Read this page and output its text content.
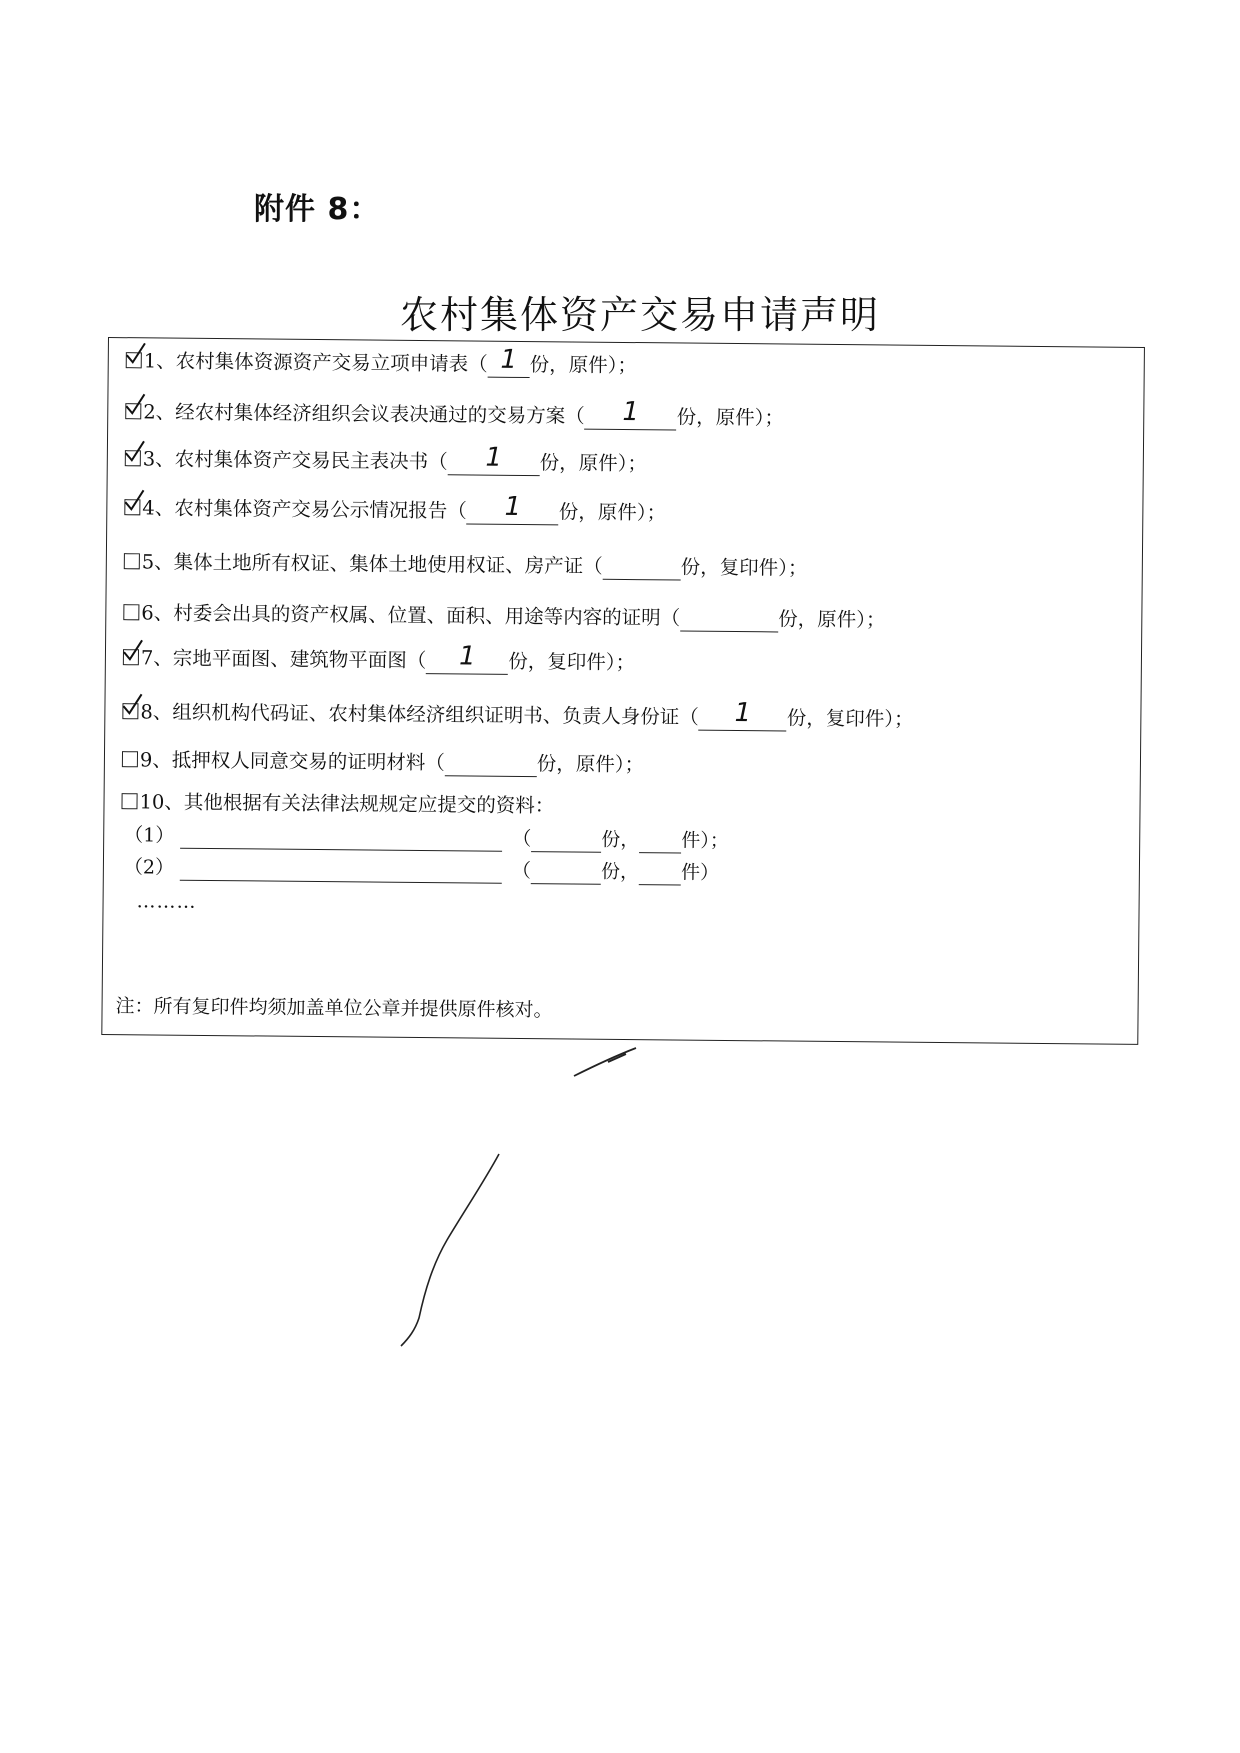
附件 8：
农村集体资产交易申请声明
1、农村集体资源资产交易立项申请表（ 1 份，原件）；
2、经农村集体经济组织会议表决通过的交易方案（ 1 份，原件）；
3、农村集体资产交易民主表决书（ 1 份，原件）；
4、农村集体资产交易公示情况报告（ 1 份，原件）；
5、集体土地所有权证、集体土地使用权证、房产证（	份，复印件）；
6、村委会出具的资产权属、位置、面积、用途等内容的证明（	份，原件）；
7、宗地平面图、建筑物平面图（ 1 份，复印件）；
8、组织机构代码证、农村集体经济组织证明书、负责人身份证（ 1 份，复印件）；
9、抵押权人同意交易的证明材料（	份，原件）；
10、其他根据有关法律法规规定应提交的资料：
（1）	（	份， 件）；
（2）	（	份， 件）
………
注：所有复印件均须加盖单位公章并提供原件核对。
